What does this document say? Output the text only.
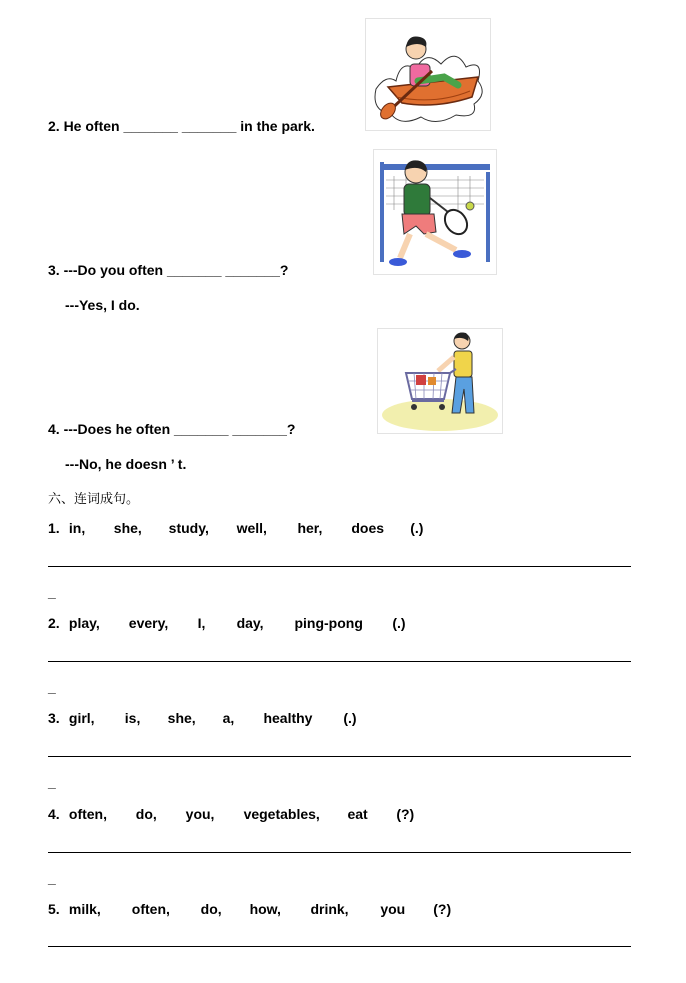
2. He often _______ _______ in the park.
3. ---Do you often _______ _______?
---Yes, I do.
4. ---Does he often _______ _______?
---No, he doesn ’ t.
六、连词成句。
1. in, she, study, well, her, does (.)
_
2. play, every, I, day, ping-pong (.)
_
3. girl, is, she, a, healthy (.)
_
4. often, do, you, vegetables, eat (?)
_
5. milk, often, do, how, drink, you (?)
